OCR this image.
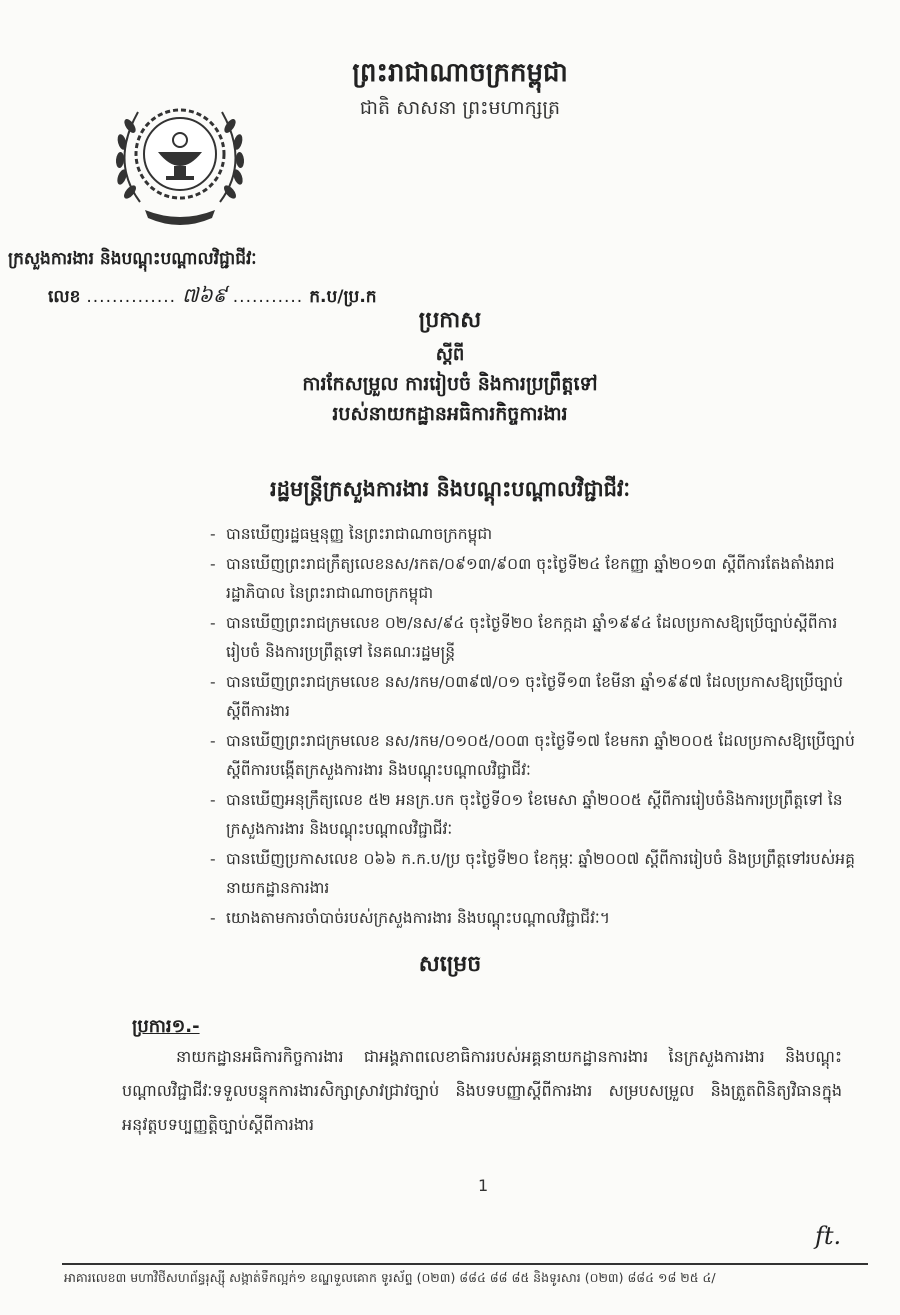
ព្រះរាជាណាចក្រកម្ពុជា
ជាតិ សាសនា ព្រះមហាក្សត្រ
ក្រសួងការងារ និងបណ្តុះបណ្តាលវិជ្ជាជីវៈ
លេខ .............. ៧៦៩ ........... ក.ប/ប្រ.ក
ប្រកាស
ស្តីពី
ការកែសម្រួល ការរៀបចំ និងការប្រព្រឹត្តទៅ
របស់នាយកដ្ឋានអធិការកិច្ចការងារ
រដ្ឋមន្ត្រីក្រសួងការងារ និងបណ្តុះបណ្តាលវិជ្ជាជីវៈ
- បានឃើញរដ្ឋធម្មនុញ្ញ នៃព្រះរាជាណាចក្រកម្ពុជា
- បានឃើញព្រះរាជក្រឹត្យលេខនស/រកត/០៩១៣/៩០៣ ចុះថ្ងៃទី២៤ ខែកញ្ញា ឆ្នាំ២០១៣ ស្តីពីការតែងតាំងរាជរដ្ឋាភិបាល នៃព្រះរាជាណាចក្រកម្ពុជា
- បានឃើញព្រះរាជក្រមលេខ ០២/នស/៩៤ ចុះថ្ងៃទី២០ ខែកក្កដា ឆ្នាំ១៩៩៤ ដែលប្រកាសឱ្យប្រើច្បាប់ស្តីពីការរៀបចំ និងការប្រព្រឹត្តទៅ នៃគណៈរដ្ឋមន្ត្រី
- បានឃើញព្រះរាជក្រមលេខ នស/រកម/០៣៩៧/០១ ចុះថ្ងៃទី១៣ ខែមីនា ឆ្នាំ១៩៩៧ ដែលប្រកាសឱ្យប្រើច្បាប់ស្តីពីការងារ
- បានឃើញព្រះរាជក្រមលេខ នស/រកម/០១០៥/០០៣ ចុះថ្ងៃទី១៧ ខែមករា ឆ្នាំ២០០៥ ដែលប្រកាសឱ្យប្រើច្បាប់ស្តីពីការបង្កើតក្រសួងការងារ និងបណ្តុះបណ្តាលវិជ្ជាជីវៈ
- បានឃើញអនុក្រឹត្យលេខ ៥២ អនក្រ.បក ចុះថ្ងៃទី០១ ខែមេសា ឆ្នាំ២០០៥ ស្តីពីការរៀបចំនិងការប្រព្រឹត្តទៅ នៃក្រសួងការងារ និងបណ្តុះបណ្តាលវិជ្ជាជីវៈ
- បានឃើញប្រកាសលេខ ០៦៦ ក.ក.ប/ប្រ ចុះថ្ងៃទី២០ ខែកុម្ភៈ ឆ្នាំ២០០៧ ស្តីពីការរៀបចំ និងប្រព្រឹត្តទៅរបស់អគ្គនាយកដ្ឋានការងារ
- យោងតាមការចាំបាច់របស់ក្រសួងការងារ និងបណ្តុះបណ្តាលវិជ្ជាជីវៈ។
សម្រេច
ប្រការ១.-
នាយកដ្ឋានអធិការកិច្ចការងារ ជាអង្គភាពលេខាធិការរបស់អគ្គនាយកដ្ឋានការងារ នៃក្រសួងការងារ និងបណ្តុះបណ្តាលវិជ្ជាជីវៈទទួលបន្ទុកការងារសិក្សាស្រាវជ្រាវច្បាប់ និងបទបញ្ញាស្តីពីការងារ សម្របសម្រួល និងត្រួតពិនិត្យវិធានក្នុងអនុវត្តបទប្បញ្ញត្តិច្បាប់ស្តីពីការងារ
1
ft.
អាគារលេខ៣ មហាវិថីសហព័ន្ធរុស្ស៊ី សង្កាត់ទឹកល្អក់១ ខណ្ឌទួលគោក ទូរស័ព្ទ (០២៣) ៨៨៤ ៨៨ ៨៥ និងទូរសារ (០២៣) ៨៨៤ ១៨ ២៥ ៤/
